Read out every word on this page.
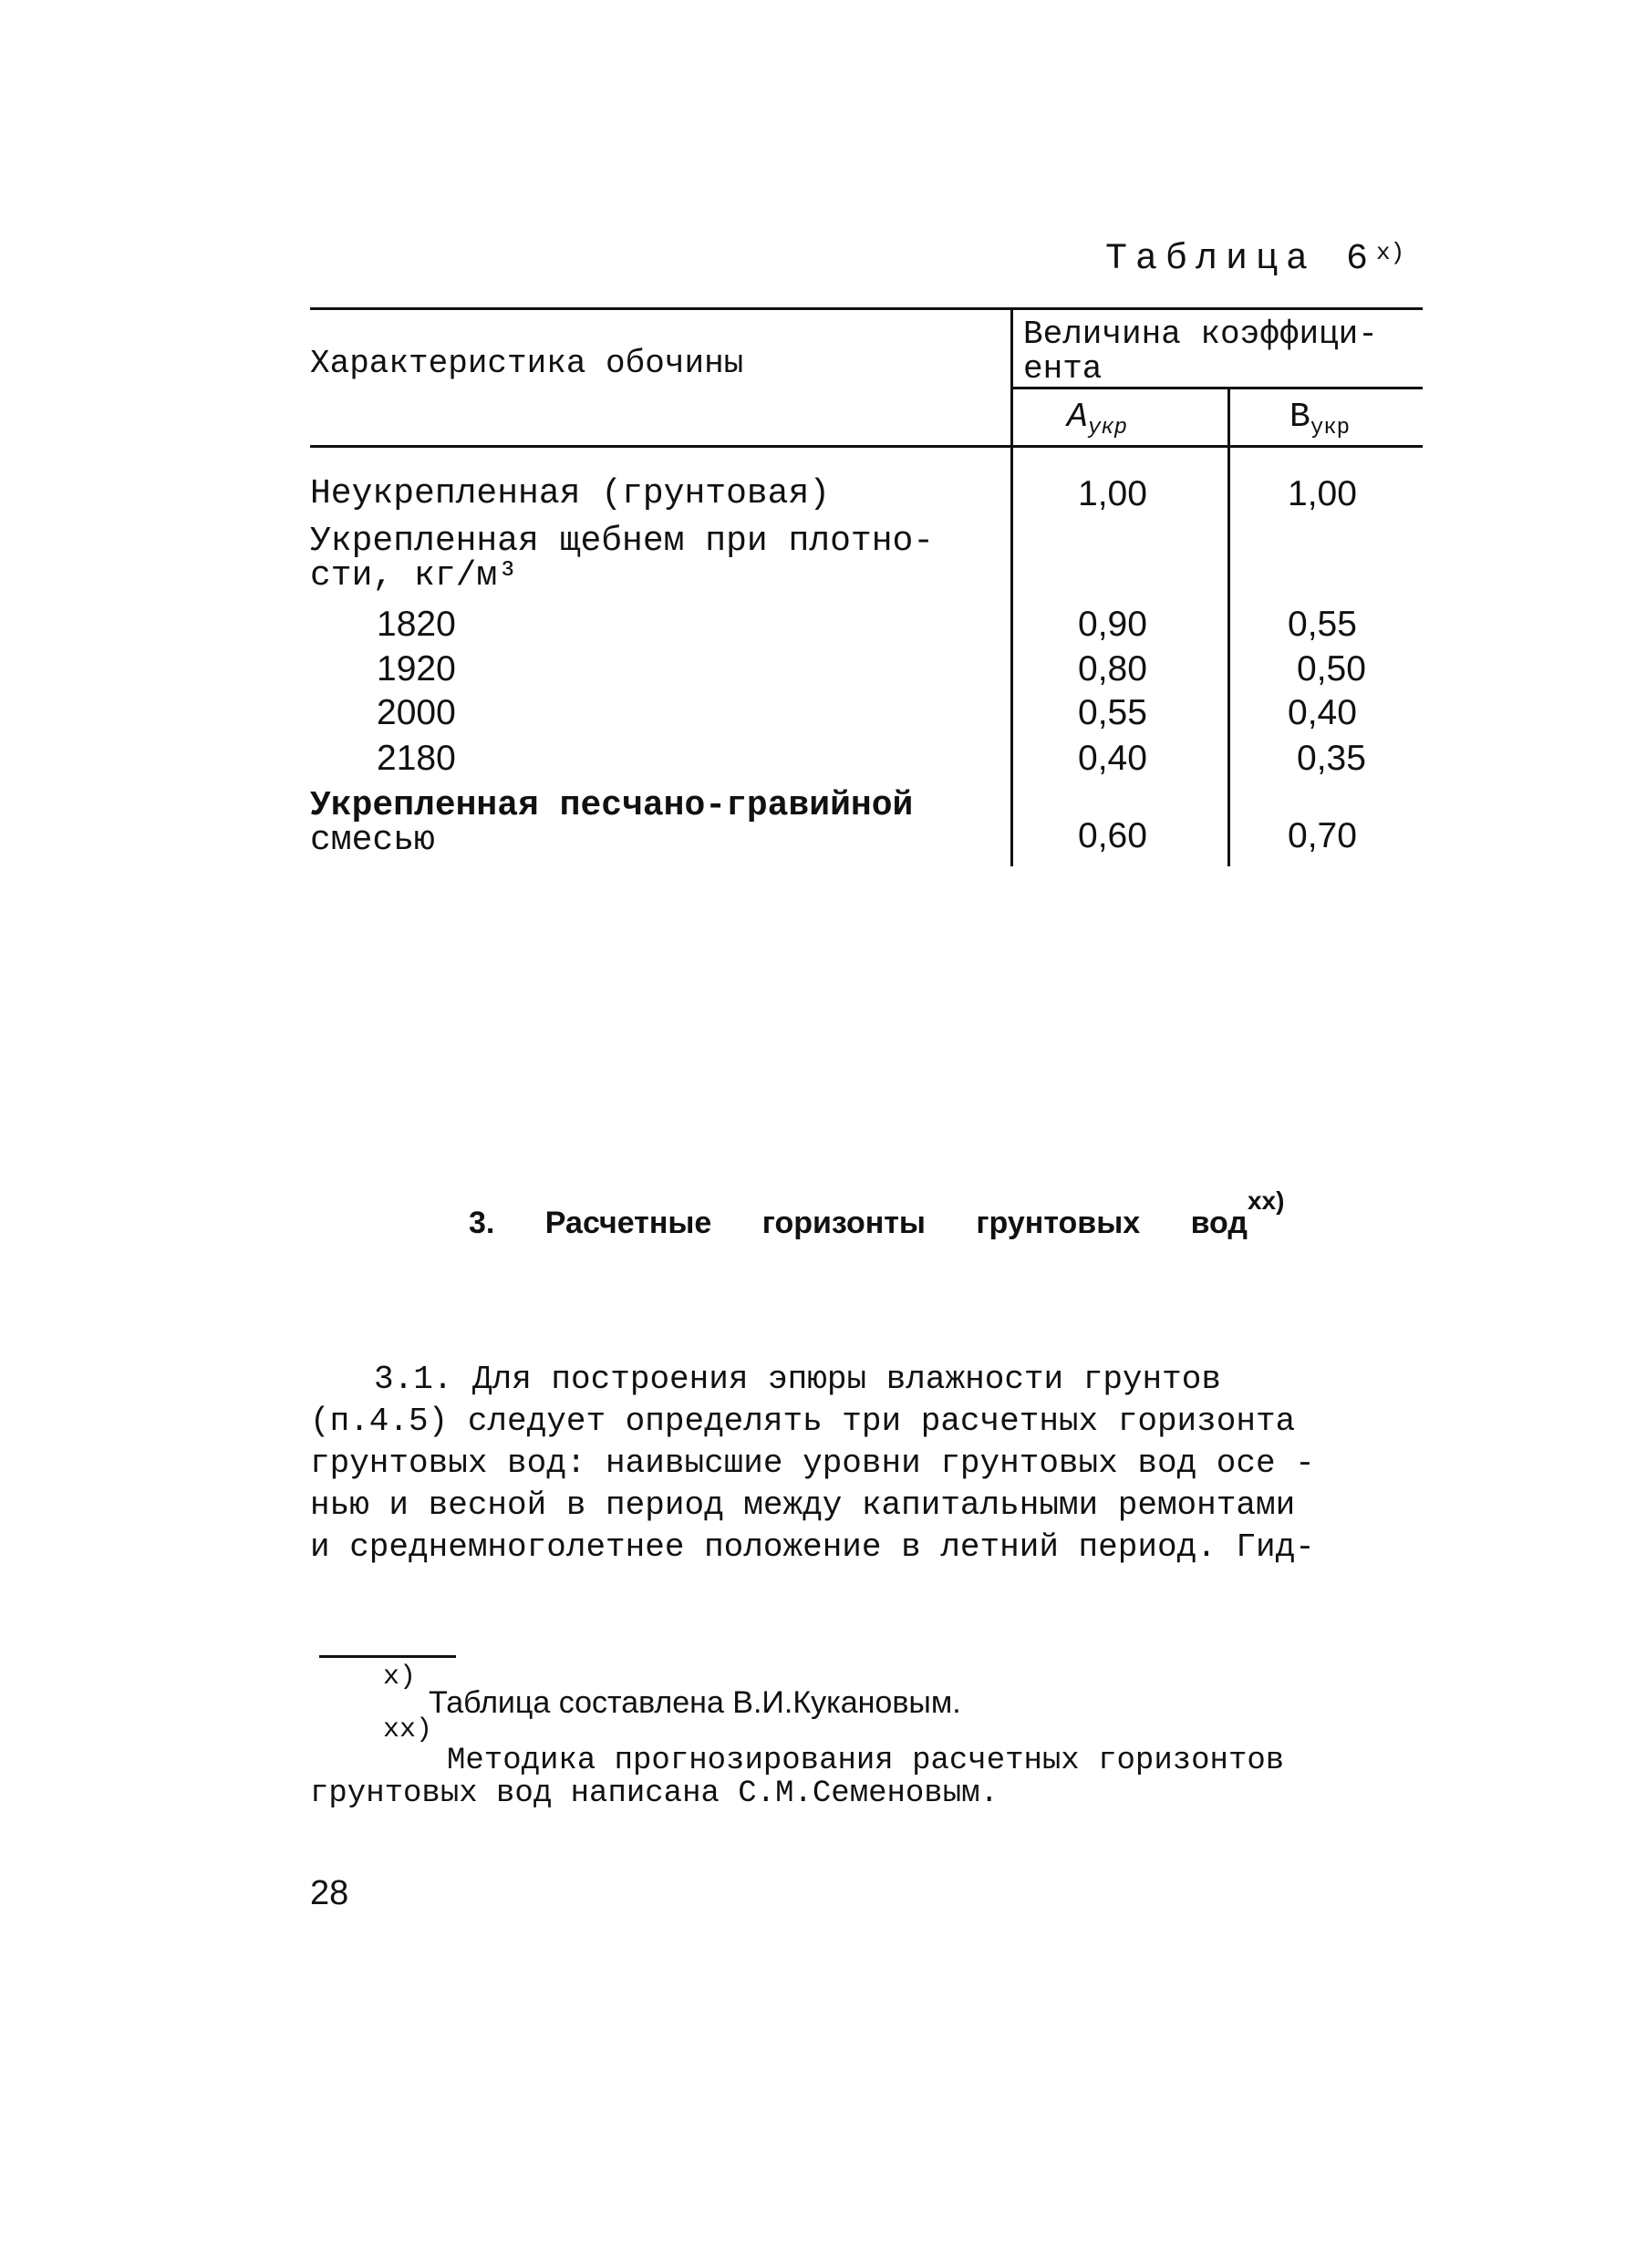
Таблица 6$^{x)}$
Характеристика обочины
Величина коэффици-
ента
$A_{укр}$	$B_{укр}$
Неукрепленная (грунтовая)	1,00	1,00
Укрепленная щебнем при плотно-
сти, кг/м³
1820	0,90	0,55
1920	0,80	0,50
2000	0,55	0,40
2180	0,40	0,35
Укрепленная песчано-гравийной
смесью	0,60	0,70
3. Расчетные горизонты грунтовых вод$^{xx)}$
3.1. Для построения эпюры влажности грунтов
(п.4.5) следует определять три расчетных горизонта
грунтовых вод: наивысшие уровни грунтовых вод осе -
нью и весной в период между капитальными ремонтами
и среднемноголетнее положение в летний период. Гид-
x)
Таблица составлена В.И.Кукановым.
xx)
Методика прогнозирования расчетных горизонтов
грунтовых вод написана С.М.Семеновым.
28
